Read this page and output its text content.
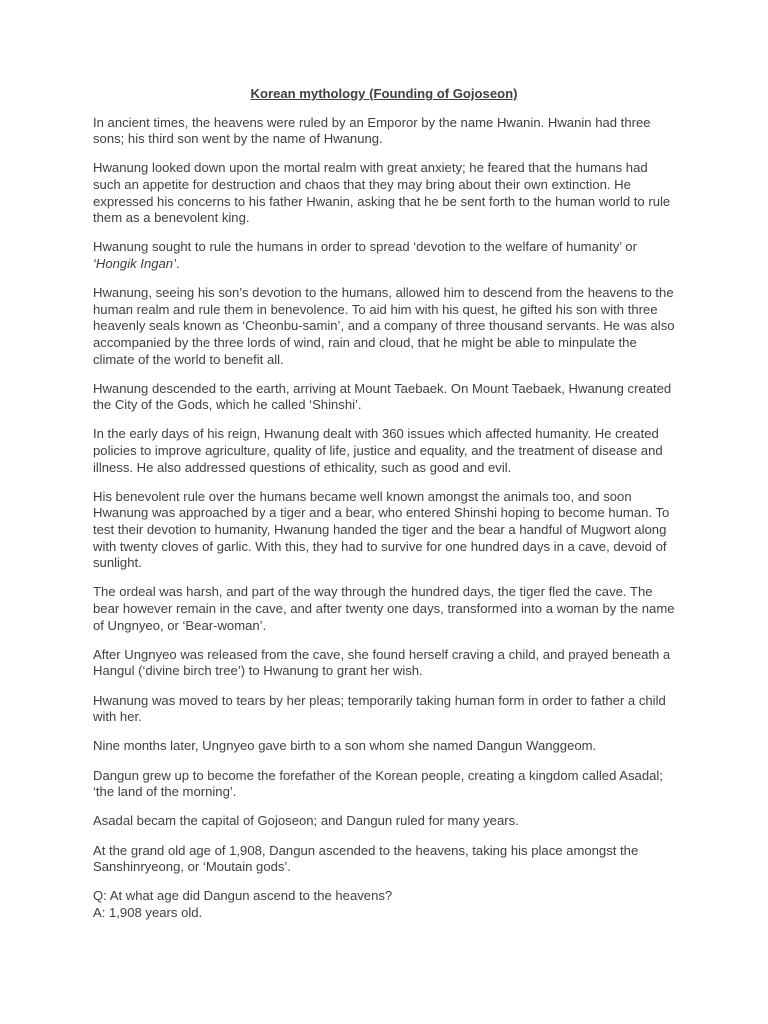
Korean mythology (Founding of Gojoseon)

In ancient times, the heavens were ruled by an Emporor by the name Hwanin. Hwanin had three sons; his third son went by the name of Hwanung.

Hwanung looked down upon the mortal realm with great anxiety; he feared that the humans had such an appetite for destruction and chaos that they may bring about their own extinction. He expressed his concerns to his father Hwanin, asking that he be sent forth to the human world to rule them as a benevolent king.

Hwanung sought to rule the humans in order to spread ‘devotion to the welfare of humanity’ or
‘Hongik Ingan’.

Hwanung, seeing his son’s devotion to the humans, allowed him to descend from the heavens to the human realm and rule them in benevolence. To aid him with his quest, he gifted his son with three heavenly seals known as ‘Cheonbu-samin’, and a company of three thousand servants. He was also accompanied by the three lords of wind, rain and cloud, that he might be able to minpulate the climate of the world to benefit all.

Hwanung descended to the earth, arriving at Mount Taebaek. On Mount Taebaek, Hwanung created the City of the Gods, which he called ‘Shinshi’.

In the early days of his reign, Hwanung dealt with 360 issues which affected humanity. He created policies to improve agriculture, quality of life, justice and equality, and the treatment of disease and illness. He also addressed questions of ethicality, such as good and evil.

His benevolent rule over the humans became well known amongst the animals too, and soon Hwanung was approached by a tiger and a bear, who entered Shinshi hoping to become human. To test their devotion to humanity, Hwanung handed the tiger and the bear a handful of Mugwort along with twenty cloves of garlic. With this, they had to survive for one hundred days in a cave, devoid of sunlight.

The ordeal was harsh, and part of the way through the hundred days, the tiger fled the cave. The bear however remain in the cave, and after twenty one days, transformed into a woman by the name of Ungnyeo, or ‘Bear-woman’.

After Ungnyeo was released from the cave, she found herself craving a child, and prayed beneath a Hangul (‘divine birch tree’) to Hwanung to grant her wish.

Hwanung was moved to tears by her pleas; temporarily taking human form in order to father a child with her.

Nine months later, Ungnyeo gave birth to a son whom she named Dangun Wanggeom.

Dangun grew up to become the forefather of the Korean people, creating a kingdom called Asadal; ‘the land of the morning’.

Asadal becam the capital of Gojoseon; and Dangun ruled for many years.

At the grand old age of 1,908, Dangun ascended to the heavens, taking his place amongst the Sanshinryeong, or ‘Moutain gods’.

Q: At what age did Dangun ascend to the heavens?

A: 1,908 years old.
